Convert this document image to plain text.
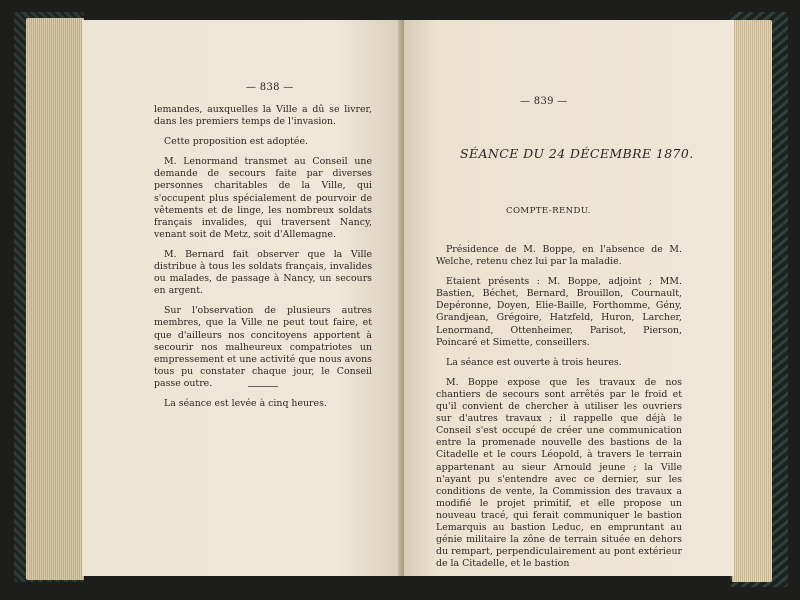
— 838 —

lemandes, auxquelles la Ville a dû se livrer, dans les premiers temps de l'invasion.

Cette proposition est adoptée.

M. Lenormand transmet au Conseil une demande de secours faite par diverses personnes charitables de la Ville, qui s'occupent plus spécialement de pourvoir de vêtements et de linge, les nombreux soldats français invalides, qui traversent Nancy, venant soit de Metz, soit d'Allemagne.

M. Bernard fait observer que la Ville distribue à tous les soldats français, invalides ou malades, de passage à Nancy, un secours en argent.

Sur l'observation de plusieurs autres membres, que la Ville ne peut tout faire, et que d'ailleurs nos concitoyens apportent à secourir nos malheureux compatriotes un empressement et une activité que nous avons tous pu constater chaque jour, le Conseil passe outre.

La séance est levée à cinq heures.

— 839 —
SÉANCE DU 24 DÉCEMBRE 1870.
COMPTE-RENDU.

Présidence de M. Boppe, en l'absence de M. Welche, retenu chez lui par la maladie.

Etaient présents : M. Boppe, adjoint ; MM. Bastien, Béchet, Bernard, Brouillon, Cournault, Depéronne, Doyen, Elie-Baille, Forthomme, Gény, Grandjean, Grégoire, Hatzfeld, Huron, Larcher, Lenormand, Ottenheimer, Parisot, Pierson, Poincaré et Simette, conseillers.

La séance est ouverte à trois heures.

M. Boppe expose que les travaux de nos chantiers de secours sont arrêtés par le froid et qu'il convient de chercher à utiliser les ouvriers sur d'autres travaux ; il rappelle que déjà le Conseil s'est occupé de créer une communication entre la promenade nouvelle des bastions de la Citadelle et le cours Léopold, à travers le terrain appartenant au sieur Arnould jeune ; la Ville n'ayant pu s'entendre avec ce dernier, sur les conditions de vente, la Commission des travaux a modifié le projet primitif, et elle propose un nouveau tracé, qui ferait communiquer le bastion Lemarquis au bastion Leduc, en empruntant au génie militaire la zône de terrain située en dehors du rempart, perpendiculairement au pont extérieur de la Citadelle, et le bastion
